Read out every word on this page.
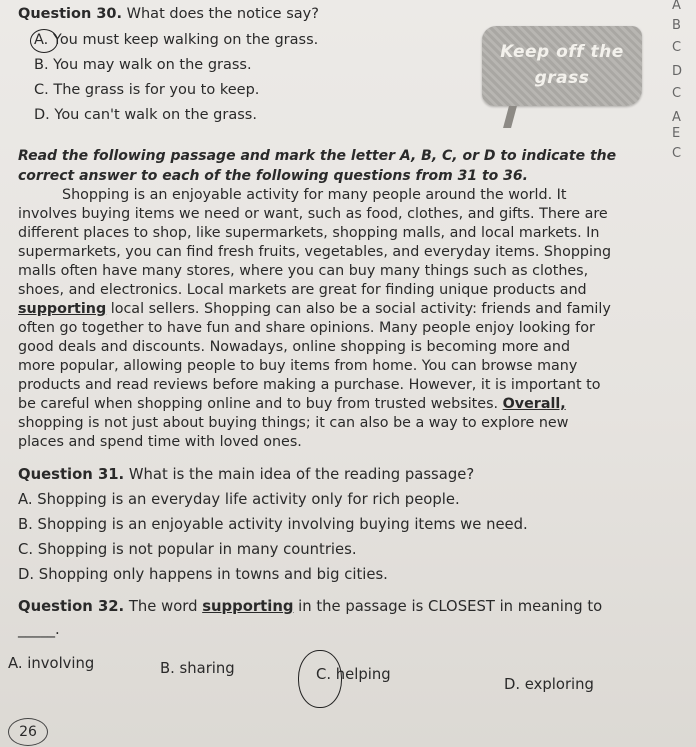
Question 30. What does the notice say?
A. You must keep walking on the grass.
B. You may walk on the grass.
C. The grass is for you to keep.
D. You can't walk on the grass.
Keep off the
grass
Read the following passage and mark the letter A, B, C, or D to indicate the
correct answer to each of the following questions from 31 to 36.
Shopping is an enjoyable activity for many people around the world. It
involves buying items we need or want, such as food, clothes, and gifts. There are
different places to shop, like supermarkets, shopping malls, and local markets. In
supermarkets, you can find fresh fruits, vegetables, and everyday items. Shopping
malls often have many stores, where you can buy many things such as clothes,
shoes, and electronics. Local markets are great for finding unique products and
supporting local sellers. Shopping can also be a social activity: friends and family
often go together to have fun and share opinions. Many people enjoy looking for
good deals and discounts. Nowadays, online shopping is becoming more and
more popular, allowing people to buy items from home. You can browse many
products and read reviews before making a purchase. However, it is important to
be careful when shopping online and to buy from trusted websites. Overall,
shopping is not just about buying things; it can also be a way to explore new
places and spend time with loved ones.
Question 31. What is the main idea of the reading passage?
A. Shopping is an everyday life activity only for rich people.
B. Shopping is an enjoyable activity involving buying items we need.
C. Shopping is not popular in many countries.
D. Shopping only happens in towns and big cities.
Question 32. The word supporting in the passage is CLOSEST in meaning to
_____.
A. involving	B. sharing	C. helping
D. exploring
A
B
C
D
C
A
E
C
26
